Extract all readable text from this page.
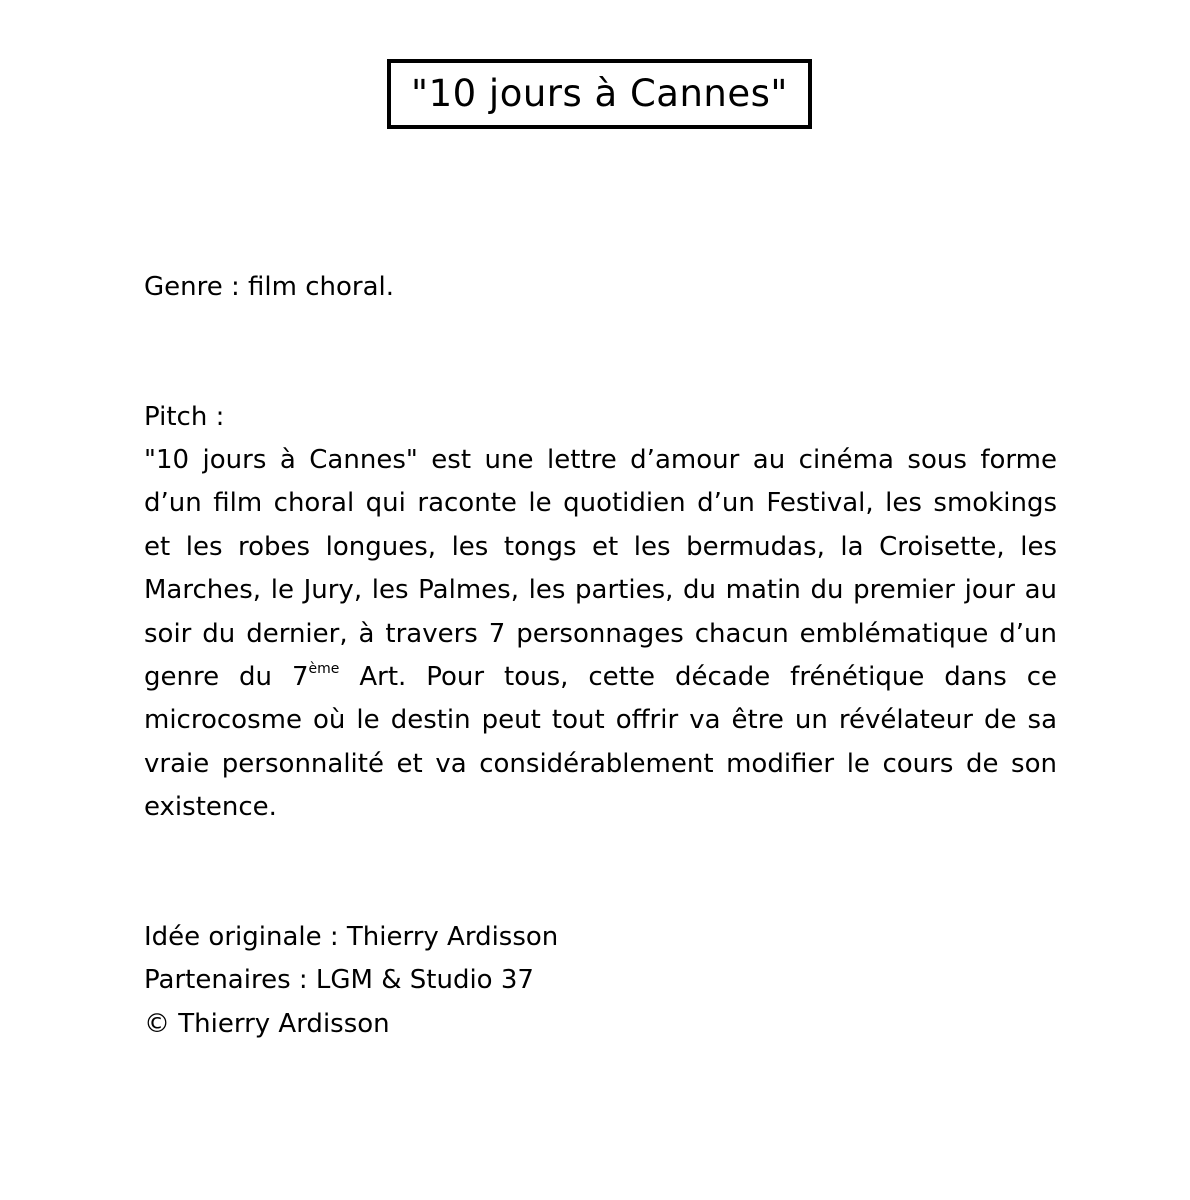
"10 jours à Cannes"
Genre : film choral.
Pitch :
"10 jours à Cannes" est une lettre d’amour au cinéma sous forme d’un film choral qui raconte le quotidien d’un Festival, les smokings et les robes longues, les tongs et les bermudas, la Croisette, les Marches, le Jury, les Palmes, les parties, du matin du premier jour au soir du dernier, à travers 7 personnages chacun emblématique d’un genre du 7ème Art. Pour tous, cette décade frénétique dans ce microcosme où le destin peut tout offrir va être un révélateur de sa vraie personnalité et va considérablement modifier le cours de son existence.
Idée originale : Thierry Ardisson
Partenaires : LGM & Studio 37
© Thierry Ardisson
